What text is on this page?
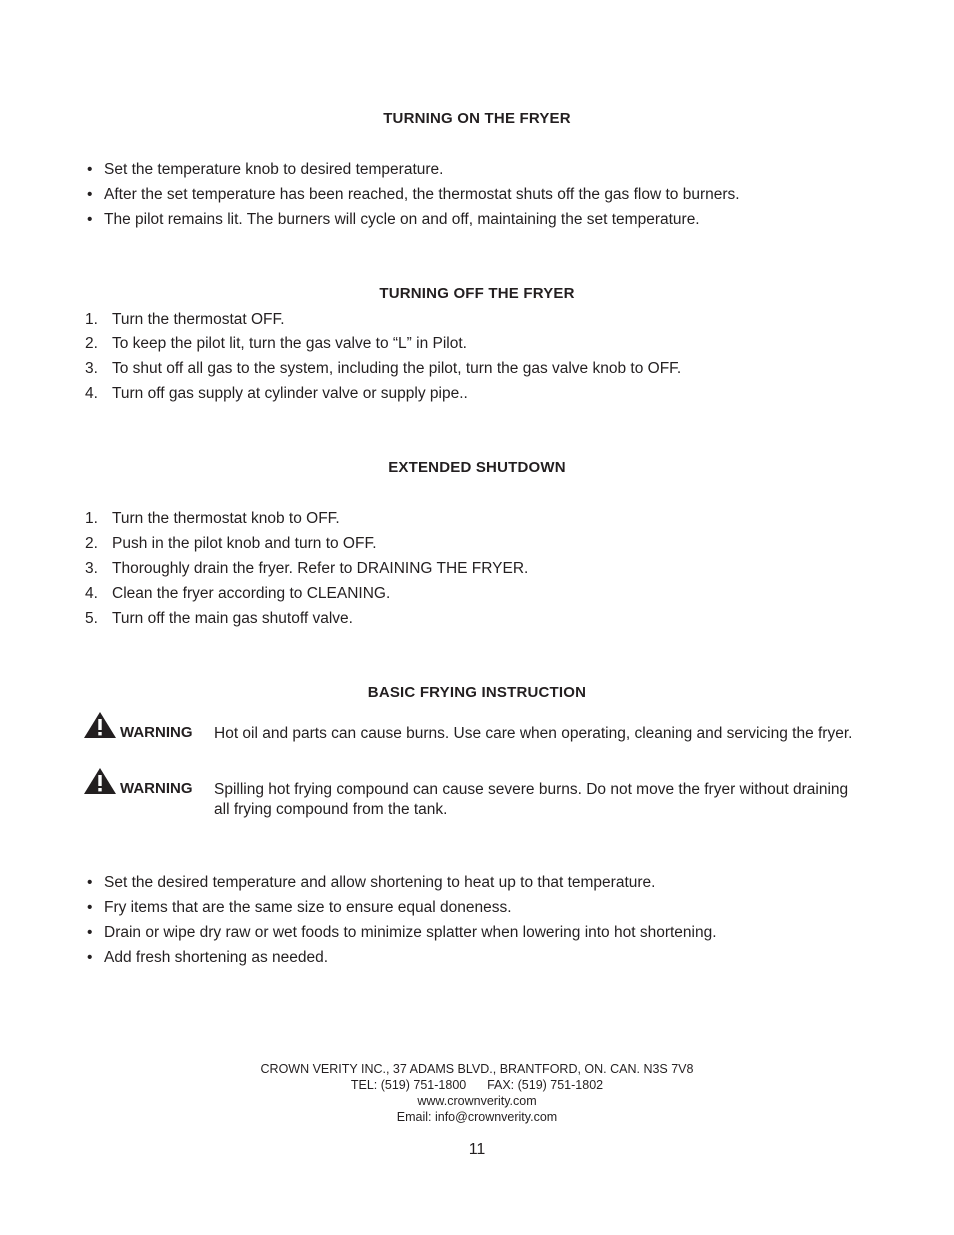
TURNING ON THE FRYER
• Set the temperature knob to desired temperature.
• After the set temperature has been reached, the thermostat shuts off the gas flow to burners.
• The pilot remains lit. The burners will cycle on and off, maintaining the set temperature.
TURNING OFF THE FRYER
1. Turn the thermostat OFF.
2. To keep the pilot lit, turn the gas valve to “L” in Pilot.
3. To shut off all gas to the system, including the pilot, turn the gas valve knob to OFF.
4. Turn off gas supply at cylinder valve or supply pipe..
EXTENDED SHUTDOWN
1. Turn the thermostat knob to OFF.
2. Push in the pilot knob and turn to OFF.
3. Thoroughly drain the fryer. Refer to DRAINING THE FRYER.
4. Clean the fryer according to CLEANING.
5. Turn off the main gas shutoff valve.
BASIC FRYING INSTRUCTION
WARNING Hot oil and parts can cause burns. Use care when operating, cleaning and servicing the fryer.
WARNING Spilling hot frying compound can cause severe burns. Do not move the fryer without draining all frying compound from the tank.
• Set the desired temperature and allow shortening to heat up to that temperature.
• Fry items that are the same size to ensure equal doneness.
• Drain or wipe dry raw or wet foods to minimize splatter when lowering into hot shortening.
• Add fresh shortening as needed.
CROWN VERITY INC., 37 ADAMS BLVD., BRANTFORD, ON. CAN. N3S 7V8
TEL: (519) 751-1800      FAX: (519) 751-1802
www.crownverity.com
Email: info@crownverity.com
11
